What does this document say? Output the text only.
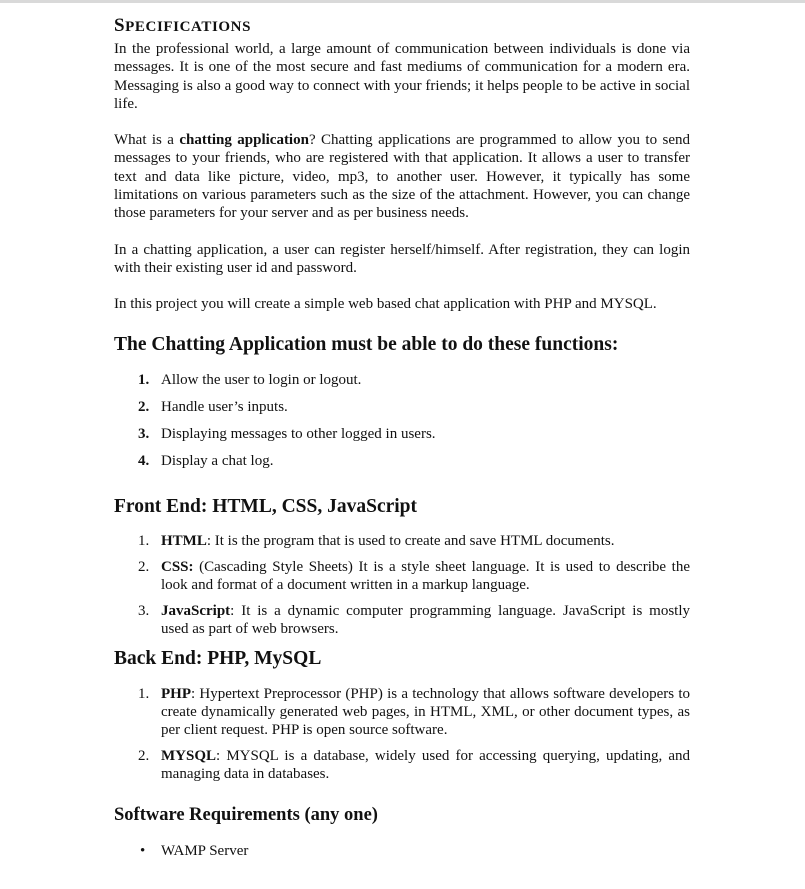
SPECIFICATIONS

In the professional world, a large amount of communication between individuals is done via messages. It is one of the most secure and fast mediums of communication for a modern era. Messaging is also a good way to connect with your friends; it helps people to be active in social life.

What is a chatting application? Chatting applications are programmed to allow you to send messages to your friends, who are registered with that application. It allows a user to transfer text and data like picture, video, mp3, to another user. However, it typically has some limitations on various parameters such as the size of the attachment. However, you can change those parameters for your server and as per business needs.

In a chatting application, a user can register herself/himself. After registration, they can login with their existing user id and password.

In this project you will create a simple web based chat application with PHP and MYSQL.

The Chatting Application must be able to do these functions:
1. Allow the user to login or logout.
2. Handle user’s inputs.
3. Displaying messages to other logged in users.
4. Display a chat log.
Front End: HTML, CSS, JavaScript
1. HTML: It is the program that is used to create and save HTML documents.
2. CSS: (Cascading Style Sheets) It is a style sheet language. It is used to describe the look and format of a document written in a markup language.
3. JavaScript: It is a dynamic computer programming language. JavaScript is mostly used as part of web browsers.
Back End: PHP, MySQL
1. PHP: Hypertext Preprocessor (PHP) is a technology that allows software developers to create dynamically generated web pages, in HTML, XML, or other document types, as per client request. PHP is open source software.
2. MYSQL: MYSQL is a database, widely used for accessing querying, updating, and managing data in databases.
Software Requirements (any one)
• WAMP Server
